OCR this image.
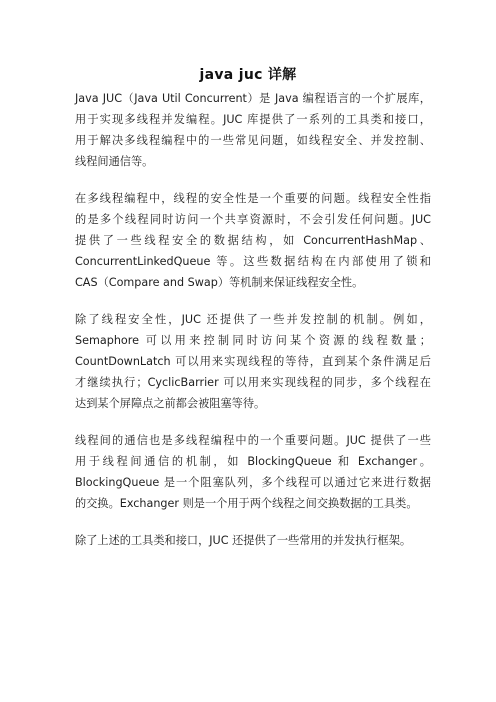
java juc 详解

Java JUC（Java Util Concurrent）是 Java 编程语言的一个扩展库，
用于实现多线程并发编程。JUC 库提供了一系列的工具类和接口，
用于解决多线程编程中的一些常见问题，如线程安全、并发控制、
线程间通信等。

在多线程编程中，线程的安全性是一个重要的问题。线程安全性指
的是多个线程同时访问一个共享资源时，不会引发任何问题。JUC
提供了一些线程安全的数据结构，如 ConcurrentHashMap、
ConcurrentLinkedQueue 等。这些数据结构在内部使用了锁和
CAS（Compare and Swap）等机制来保证线程安全性。

除了线程安全性，JUC 还提供了一些并发控制的机制。例如，
Semaphore 可以用来控制同时访问某个资源的线程数量；
CountDownLatch 可以用来实现线程的等待，直到某个条件满足后
才继续执行；CyclicBarrier 可以用来实现线程的同步，多个线程在
达到某个屏障点之前都会被阻塞等待。

线程间的通信也是多线程编程中的一个重要问题。JUC 提供了一些
用于线程间通信的机制，如 BlockingQueue 和 Exchanger。
BlockingQueue 是一个阻塞队列，多个线程可以通过它来进行数据
的交换。Exchanger 则是一个用于两个线程之间交换数据的工具类。

除了上述的工具类和接口，JUC 还提供了一些常用的并发执行框架。
